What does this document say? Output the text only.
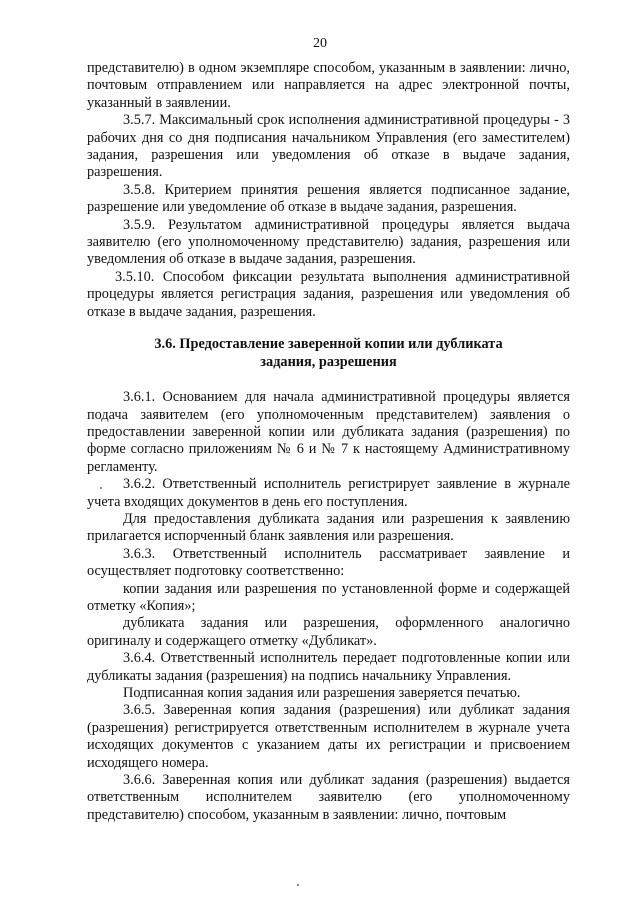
20

представителю) в одном экземпляре способом, указанным в заявлении: лично, почтовым отправлением или направляется на адрес электронной почты, указанный в заявлении.

3.5.7. Максимальный срок исполнения административной процедуры - 3 рабочих дня со дня подписания начальником Управления (его заместителем) задания, разрешения или уведомления об отказе в выдаче задания, разрешения.

3.5.8. Критерием принятия решения является подписанное задание, разрешение или уведомление об отказе в выдаче задания, разрешения.

3.5.9. Результатом административной процедуры является выдача заявителю (его уполномоченному представителю) задания, разрешения или уведомления об отказе в выдаче задания, разрешения.

3.5.10. Способом фиксации результата выполнения административной процедуры является регистрация задания, разрешения или уведомления об отказе в выдаче задания, разрешения.

3.6. Предоставление заверенной копии или дубликата
задания, разрешения

3.6.1. Основанием для начала административной процедуры является подача заявителем (его уполномоченным представителем) заявления о предоставлении заверенной копии или дубликата задания (разрешения) по форме согласно приложениям № 6 и № 7 к настоящему Административному регламенту.

3.6.2. Ответственный исполнитель регистрирует заявление в журнале учета входящих документов в день его поступления.

Для предоставления дубликата задания или разрешения к заявлению прилагается испорченный бланк заявления или разрешения.

3.6.3. Ответственный исполнитель рассматривает заявление и осуществляет подготовку соответственно:

копии задания или разрешения по установленной форме и содержащей отметку «Копия»;

дубликата задания или разрешения, оформленного аналогично оригиналу и содержащего отметку «Дубликат».

3.6.4. Ответственный исполнитель передает подготовленные копии или дубликаты задания (разрешения) на подпись начальнику Управления.

Подписанная копия задания или разрешения заверяется печатью.

3.6.5. Заверенная копия задания (разрешения) или дубликат задания (разрешения) регистрируется ответственным исполнителем в журнале учета исходящих документов с указанием даты их регистрации и присвоением исходящего номера.

3.6.6. Заверенная копия или дубликат задания (разрешения) выдается ответственным исполнителем заявителю (его уполномоченному представителю) способом, указанным в заявлении: лично, почтовым
